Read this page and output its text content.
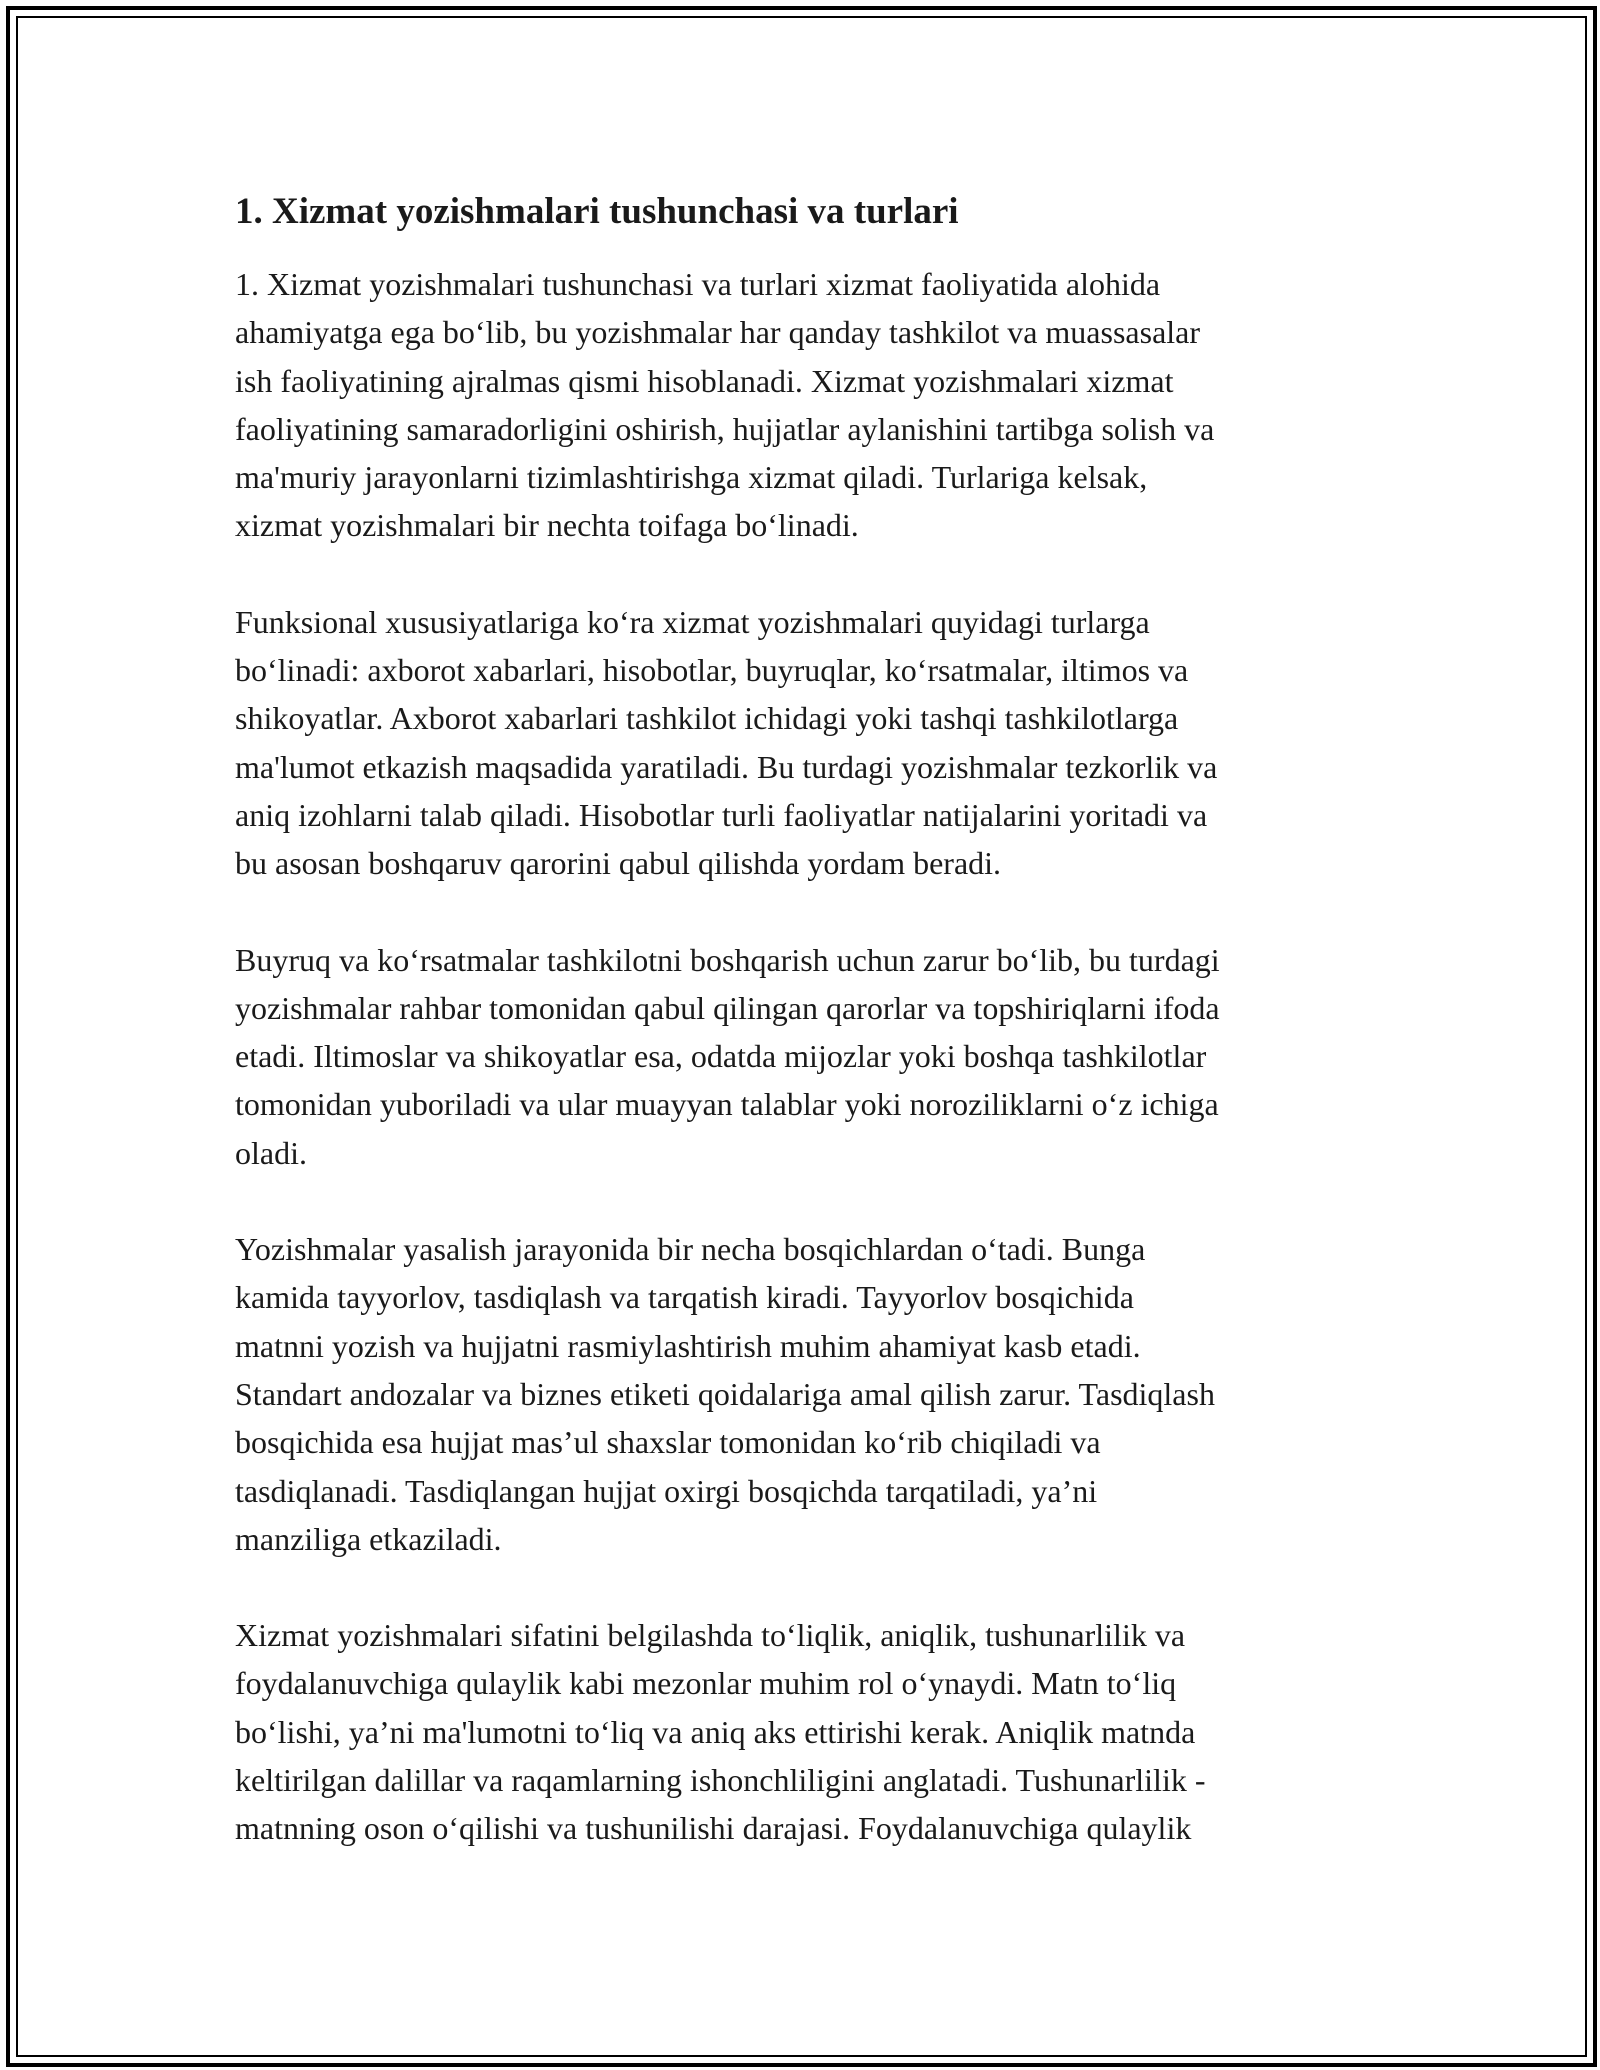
1. Xizmat yozishmalari tushunchasi va turlari

1. Xizmat yozishmalari tushunchasi va turlari xizmat faoliyatida alohida
ahamiyatga ega bo‘lib, bu yozishmalar har qanday tashkilot va muassasalar
ish faoliyatining ajralmas qismi hisoblanadi. Xizmat yozishmalari xizmat
faoliyatining samaradorligini oshirish, hujjatlar aylanishini tartibga solish va
ma'muriy jarayonlarni tizimlashtirishga xizmat qiladi. Turlariga kelsak,
xizmat yozishmalari bir nechta toifaga bo‘linadi.

Funksional xususiyatlariga ko‘ra xizmat yozishmalari quyidagi turlarga
bo‘linadi: axborot xabarlari, hisobotlar, buyruqlar, ko‘rsatmalar, iltimos va
shikoyatlar. Axborot xabarlari tashkilot ichidagi yoki tashqi tashkilotlarga
ma'lumot etkazish maqsadida yaratiladi. Bu turdagi yozishmalar tezkorlik va
aniq izohlarni talab qiladi. Hisobotlar turli faoliyatlar natijalarini yoritadi va
bu asosan boshqaruv qarorini qabul qilishda yordam beradi.

Buyruq va ko‘rsatmalar tashkilotni boshqarish uchun zarur bo‘lib, bu turdagi
yozishmalar rahbar tomonidan qabul qilingan qarorlar va topshiriqlarni ifoda
etadi. Iltimoslar va shikoyatlar esa, odatda mijozlar yoki boshqa tashkilotlar
tomonidan yuboriladi va ular muayyan talablar yoki noroziliklarni o‘z ichiga
oladi.

Yozishmalar yasalish jarayonida bir necha bosqichlardan o‘tadi. Bunga
kamida tayyorlov, tasdiqlash va tarqatish kiradi. Tayyorlov bosqichida
matnni yozish va hujjatni rasmiylashtirish muhim ahamiyat kasb etadi.
Standart andozalar va biznes etiketi qoidalariga amal qilish zarur. Tasdiqlash
bosqichida esa hujjat mas’ul shaxslar tomonidan ko‘rib chiqiladi va
tasdiqlanadi. Tasdiqlangan hujjat oxirgi bosqichda tarqatiladi, ya’ni
manziliga etkaziladi.

Xizmat yozishmalari sifatini belgilashda to‘liqlik, aniqlik, tushunarlilik va
foydalanuvchiga qulaylik kabi mezonlar muhim rol o‘ynaydi. Matn to‘liq
bo‘lishi, ya’ni ma'lumotni to‘liq va aniq aks ettirishi kerak. Aniqlik matnda
keltirilgan dalillar va raqamlarning ishonchliligini anglatadi. Tushunarlilik -
matnning oson o‘qilishi va tushunilishi darajasi. Foydalanuvchiga qulaylik
